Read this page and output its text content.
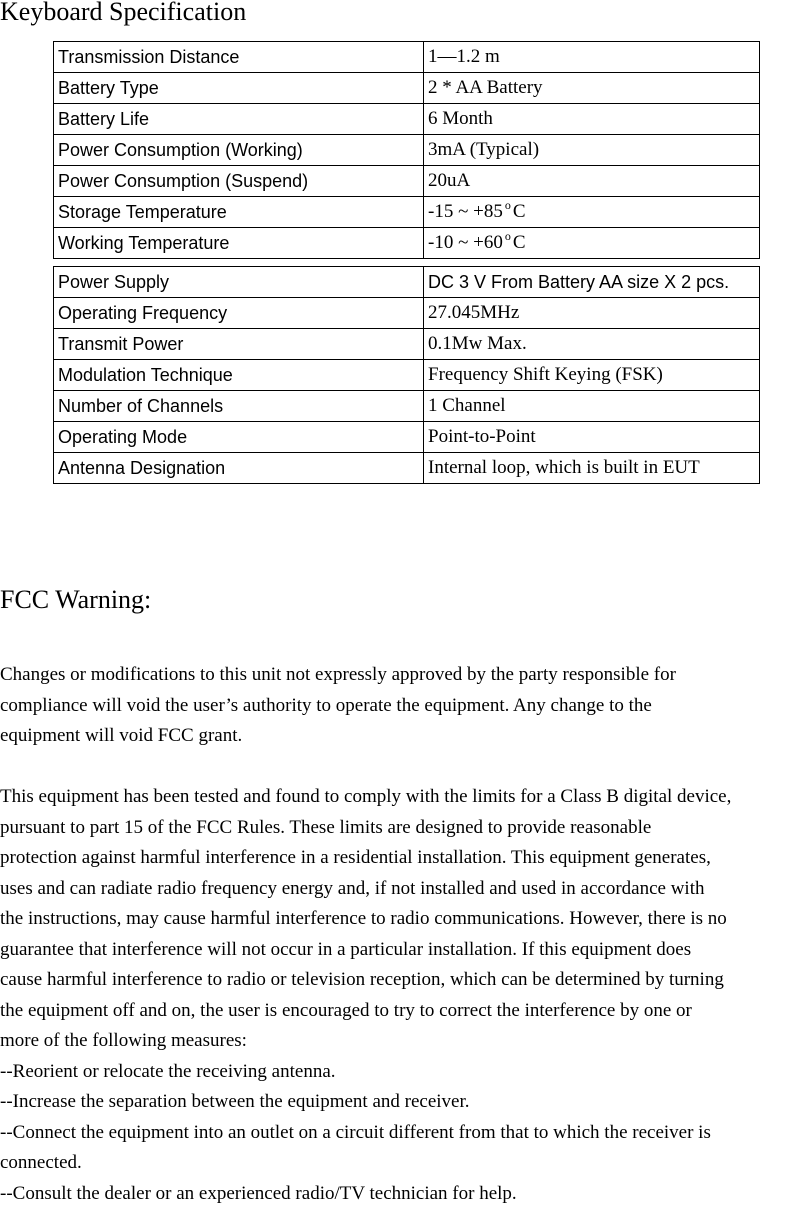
Keyboard Specification
Transmission Distance	1—1.2 m
Battery Type	2 * AA Battery
Battery Life	6 Month
Power Consumption (Working)	3mA (Typical)
Power Consumption (Suspend)	20uA
Storage Temperature	-15 ~ +85 $^o$ C
Working Temperature	-10 ~ +60 $^o$ C
Power Supply	DC 3 V From Battery AA size X 2 pcs.
Operating Frequency	27.045MHz
Transmit Power	0.1Mw Max.
Modulation Technique	Frequency Shift Keying (FSK)
Number of Channels	1 Channel
Operating Mode	Point-to-Point
Antenna Designation	Internal loop, which is built in EUT
FCC Warning:

Changes or modifications to this unit not expressly approved by the party responsible for
compliance will void the user’s authority to operate the equipment. Any change to the
equipment will void FCC grant.

This equipment has been tested and found to comply with the limits for a Class B digital device,
pursuant to part 15 of the FCC Rules. These limits are designed to provide reasonable
protection against harmful interference in a residential installation. This equipment generates,
uses and can radiate radio frequency energy and, if not installed and used in accordance with
the instructions, may cause harmful interference to radio communications. However, there is no
guarantee that interference will not occur in a particular installation. If this equipment does
cause harmful interference to radio or television reception, which can be determined by turning
the equipment off and on, the user is encouraged to try to correct the interference by one or
more of the following measures:
--Reorient or relocate the receiving antenna.
--Increase the separation between the equipment and receiver.
--Connect the equipment into an outlet on a circuit different from that to which the receiver is
connected.
--Consult the dealer or an experienced radio/TV technician for help.
